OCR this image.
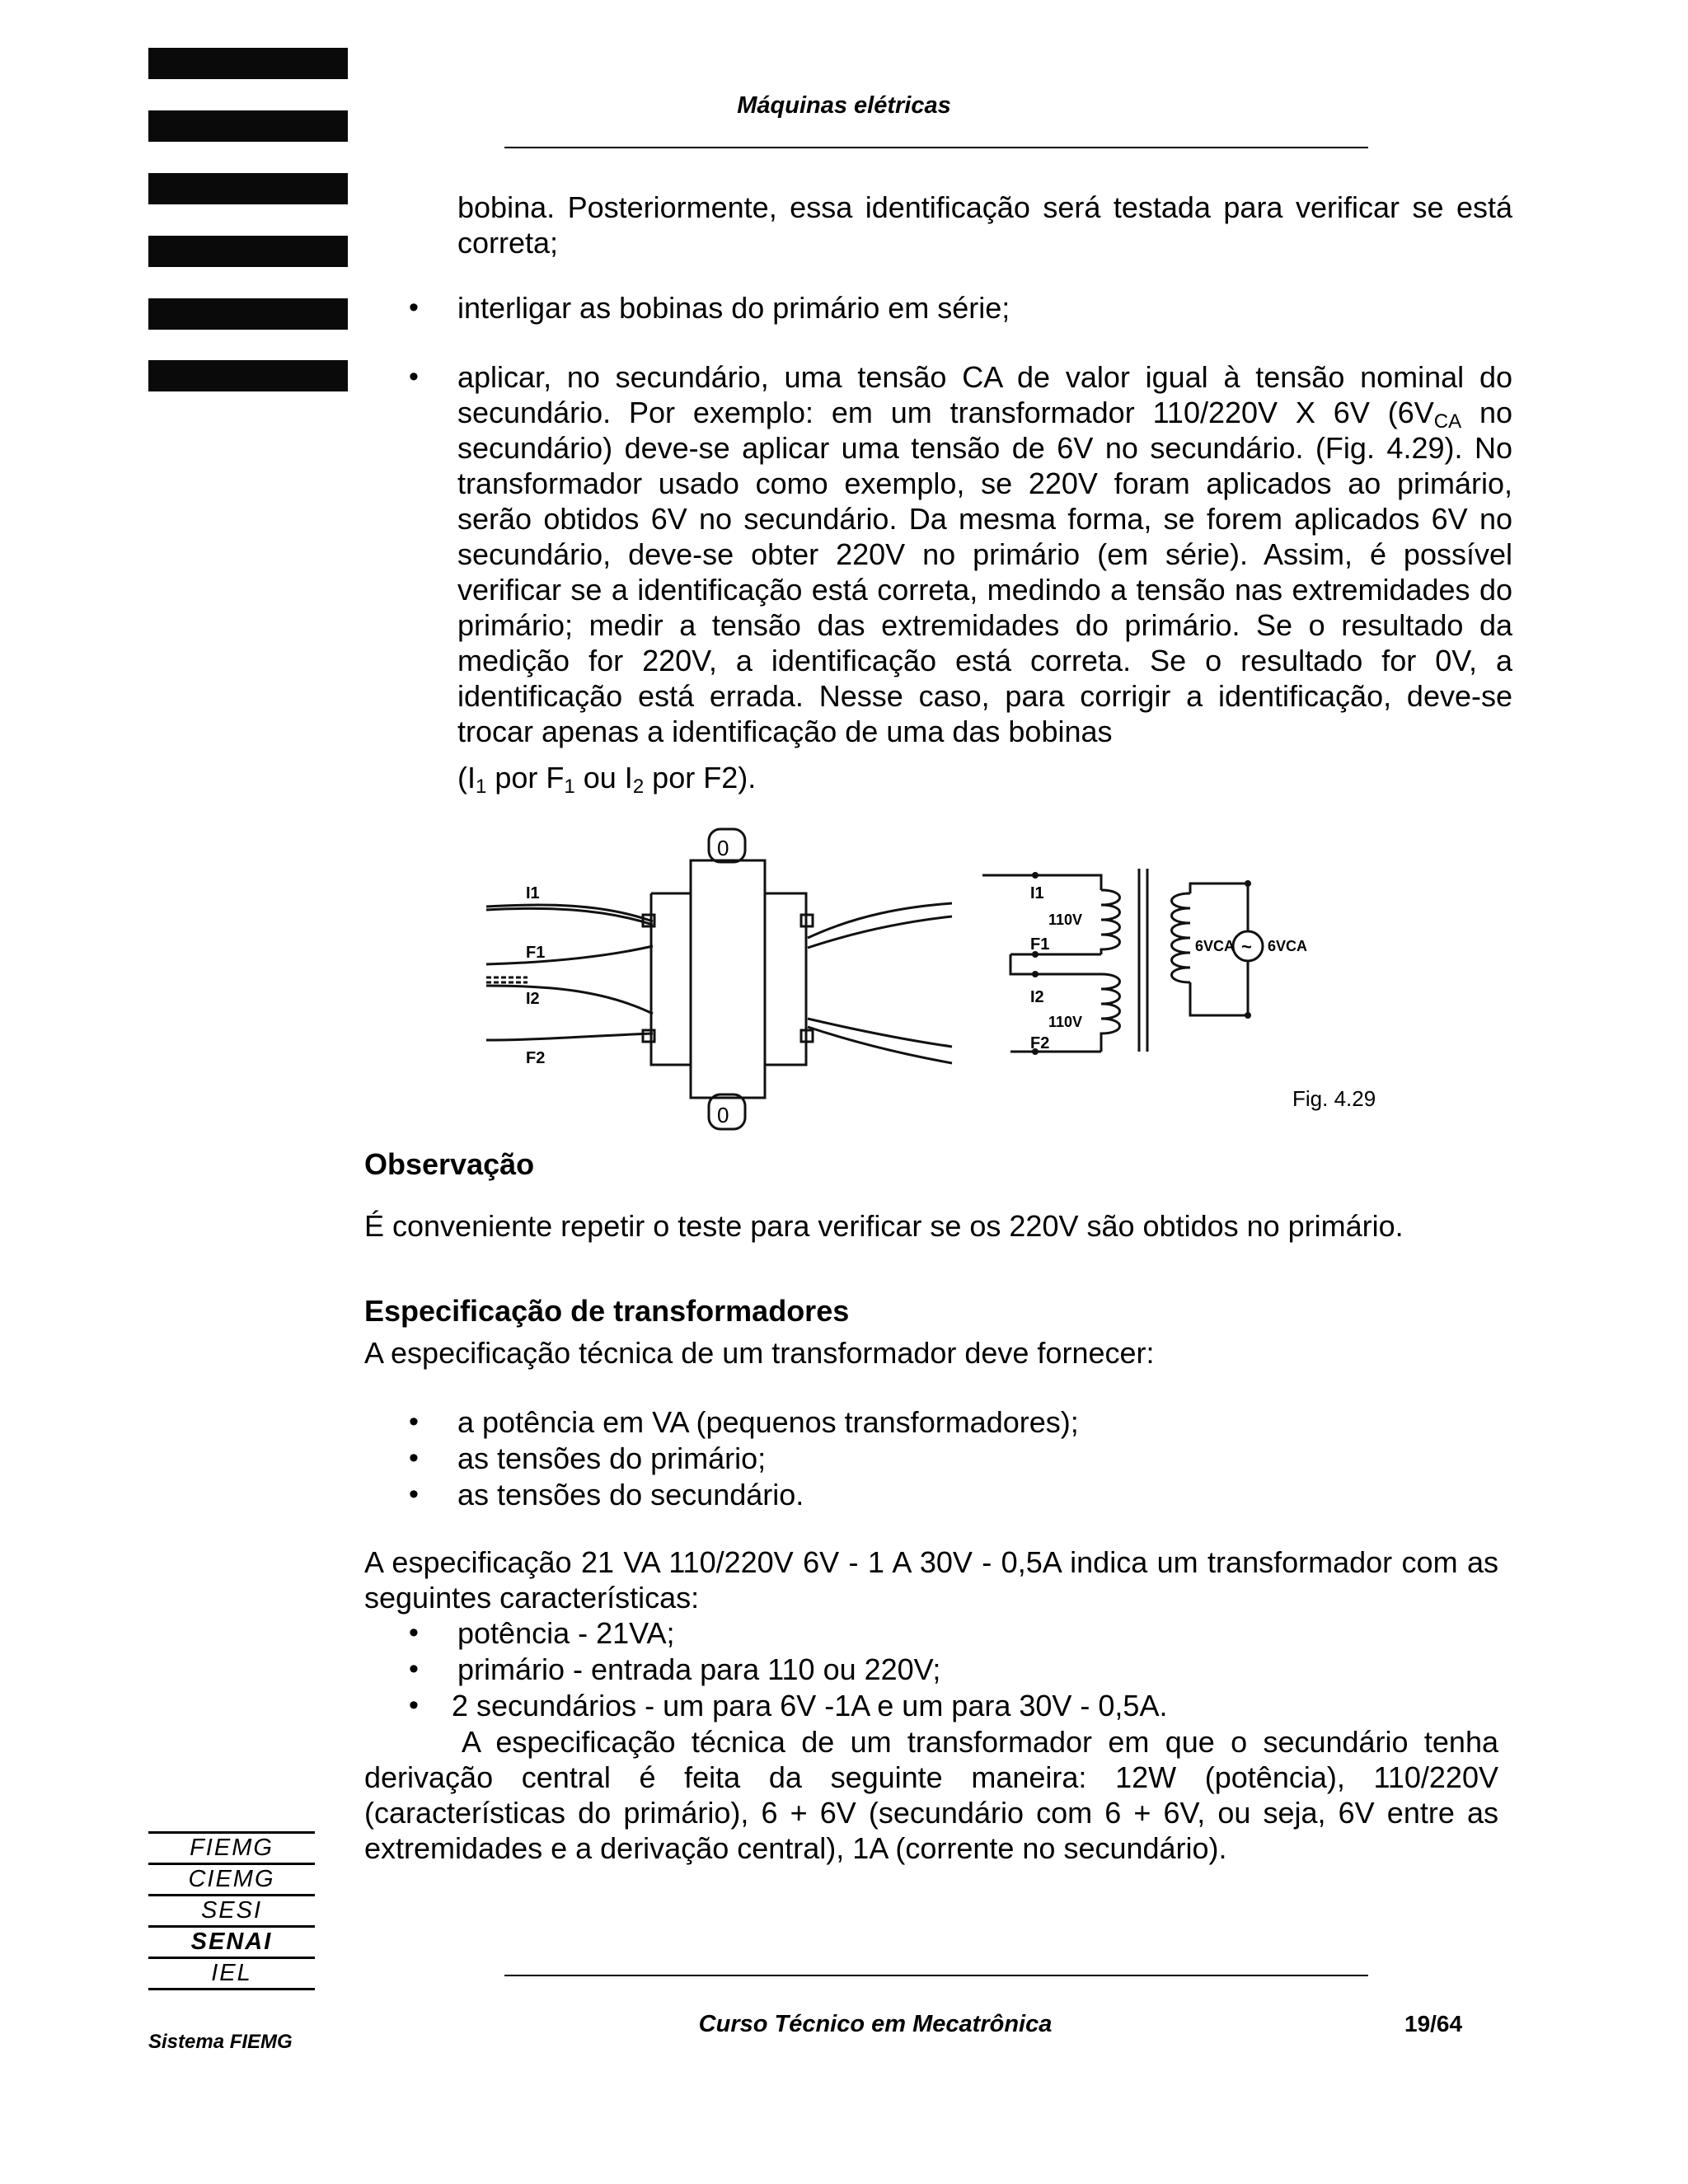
Máquinas elétricas
bobina. Posteriormente, essa identificação será testada para verificar se está correta;
• interligar as bobinas do primário em série;
• aplicar, no secundário, uma tensão CA de valor igual à tensão nominal do secundário. Por exemplo: em um transformador 110/220V X 6V ($6V_{CA}$ no secundário) deve-se aplicar uma tensão de 6V no secundário. (Fig. 4.29). No transformador usado como exemplo, se 220V foram aplicados ao primário, serão obtidos 6V no secundário. Da mesma forma, se forem aplicados 6V no secundário, deve-se obter 220V no primário (em série). Assim, é possível verificar se a identificação está correta, medindo a tensão nas extremidades do primário; medir a tensão das extremidades do primário. Se o resultado da medição for 220V, a identificação está correta. Se o resultado for 0V, a identificação está errada. Nesse caso, para corrigir a identificação, deve-se trocar apenas a identificação de uma das bobinas
($I_1$ por $F_1$ ou $I_2$ por F2).
0
0
I1
F1
I2
F2
I1
F1
I2
F2
110V
110V
6VCA ~ 6VCA
Fig. 4.29
Observação
É conveniente repetir o teste para verificar se os 220V são obtidos no primário.
Especificação de transformadores
A especificação técnica de um transformador deve fornecer:
• a potência em VA (pequenos transformadores);
• as tensões do primário;
• as tensões do secundário.
A especificação 21 VA 110/220V 6V - 1 A 30V - 0,5A indica um transformador com as seguintes características:
• potência - 21VA;
• primário - entrada para 110 ou 220V;
• 2 secundários - um para 6V -1A e um para 30V - 0,5A.
A especificação técnica de um transformador em que o secundário tenha derivação central é feita da seguinte maneira: 12W (potência), 110/220V (características do primário), 6 + 6V (secundário com 6 + 6V, ou seja, 6V entre as extremidades e a derivação central), 1A (corrente no secundário).
FIEMG
CIEMG
SESI
SENAI
IEL
Sistema FIEMG
Curso Técnico em Mecatrônica	19/64
